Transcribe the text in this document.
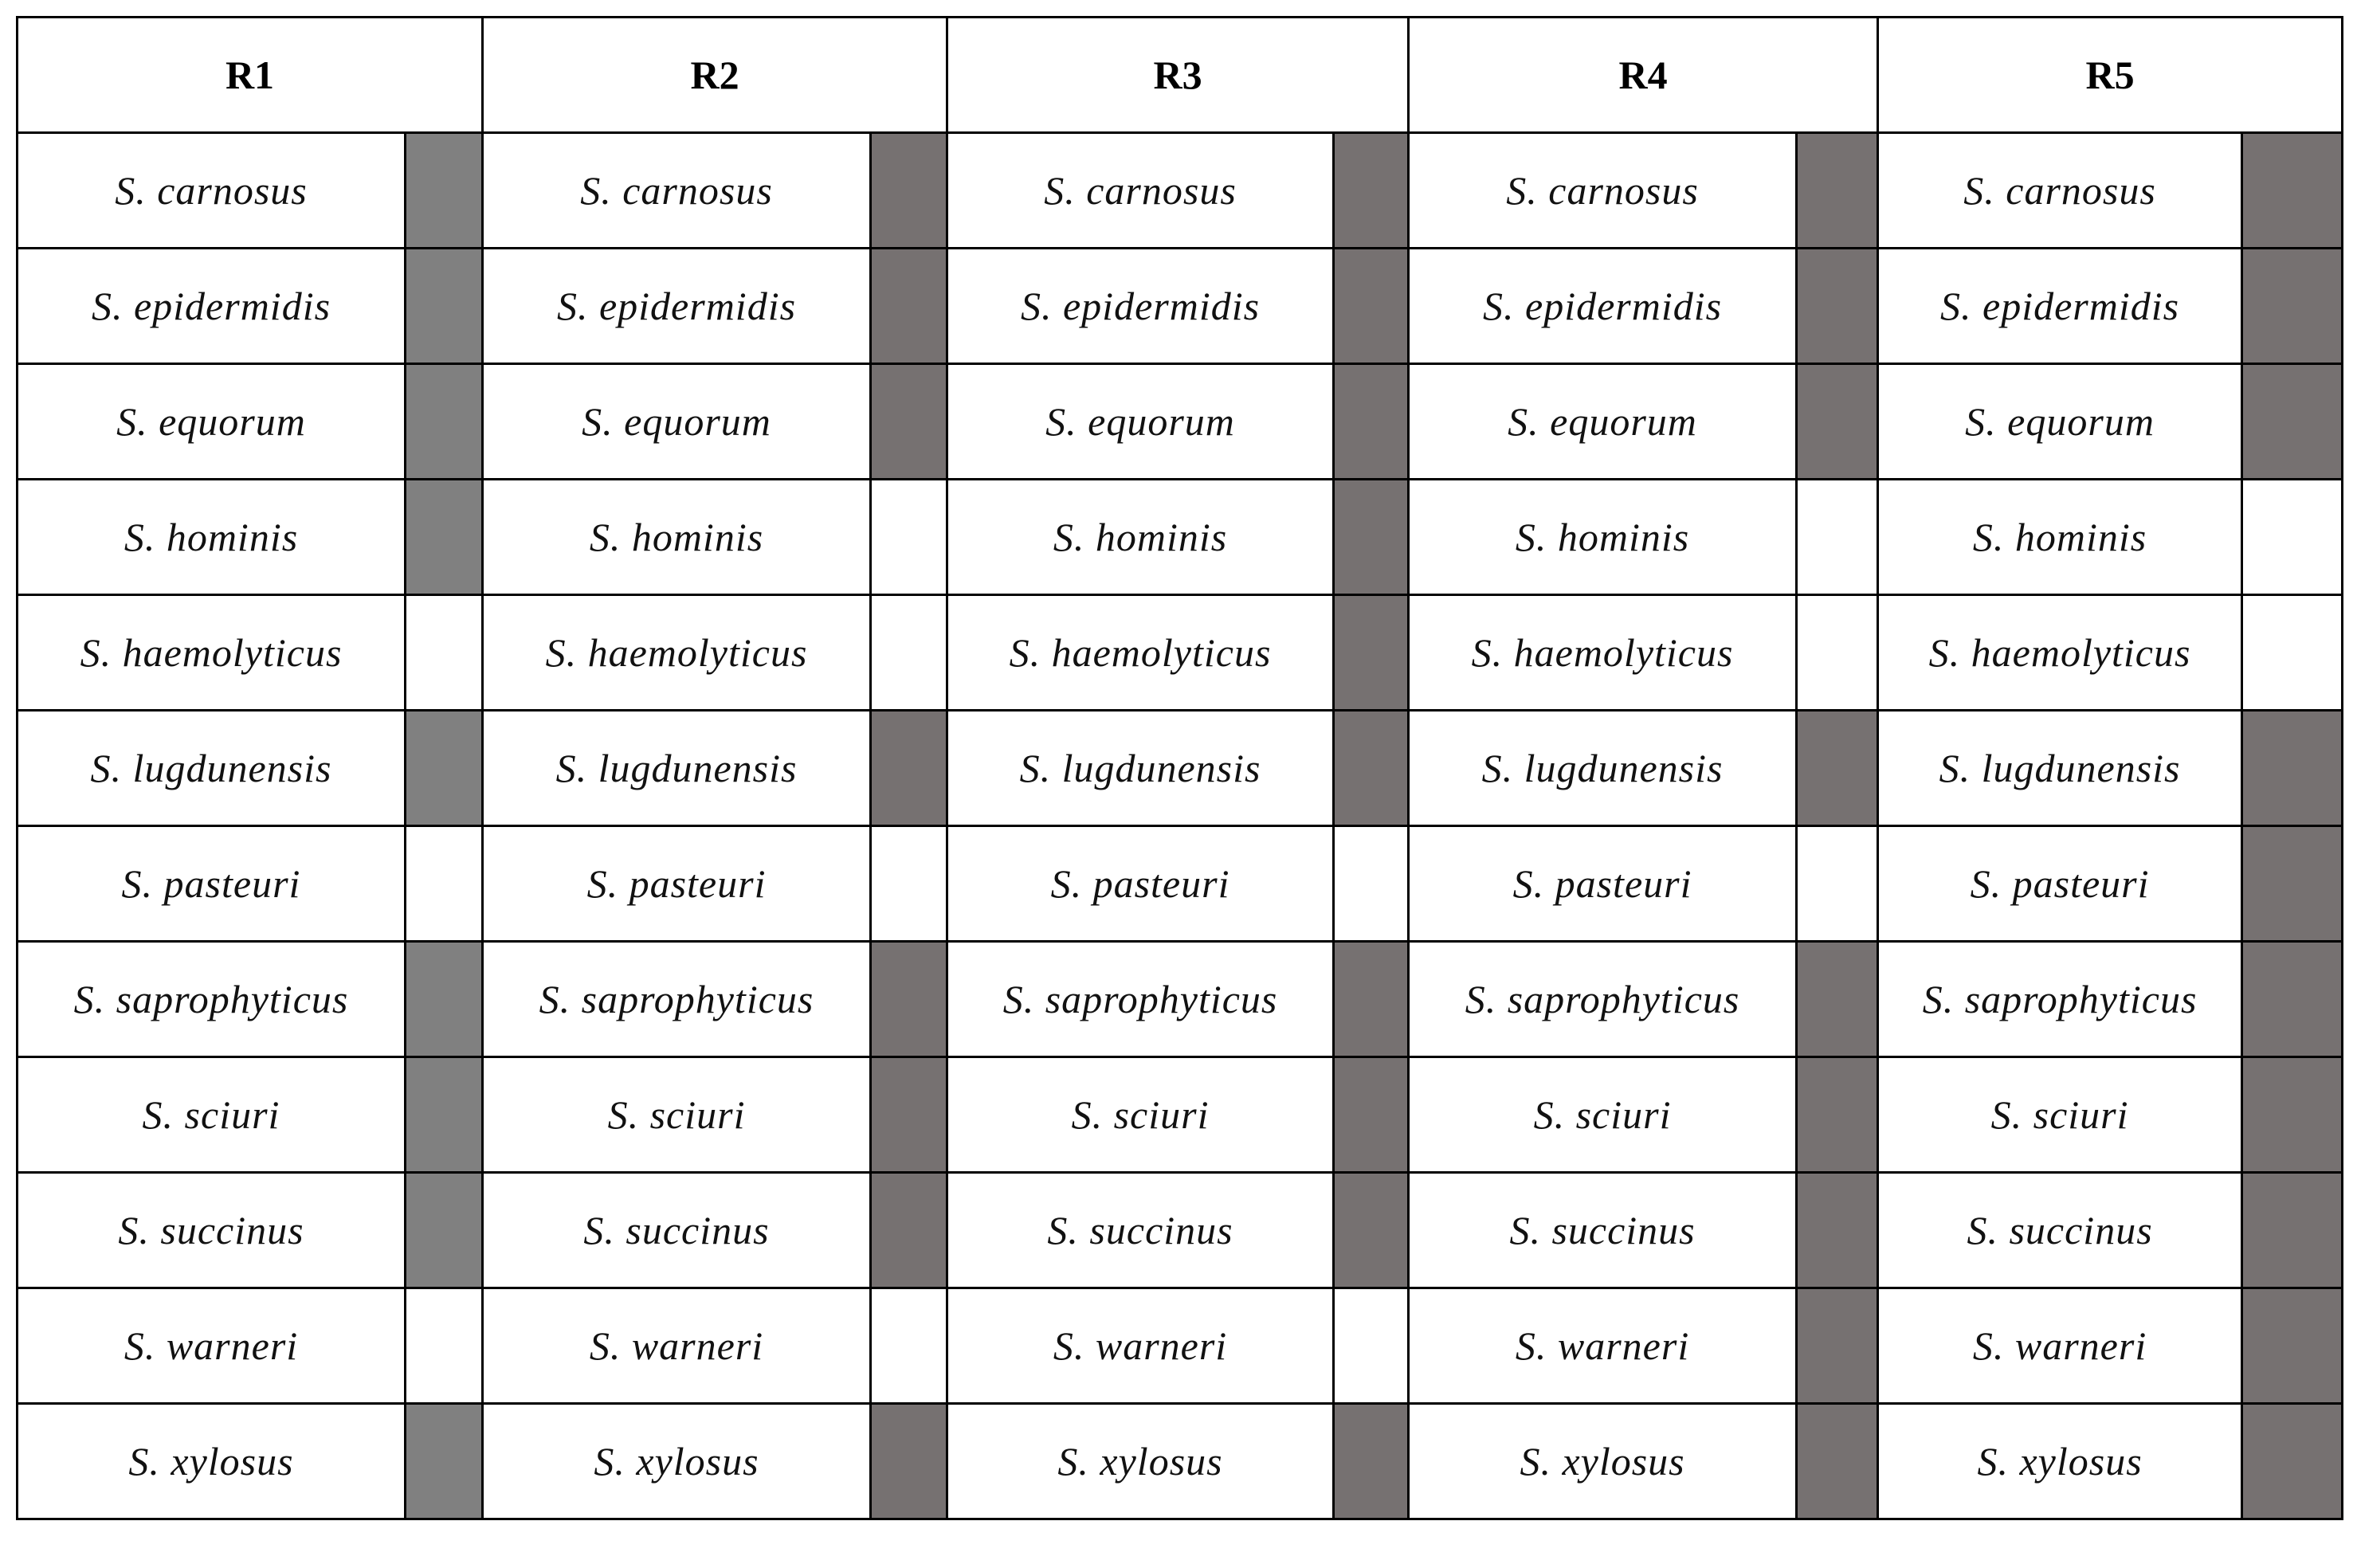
R1		R2		R3		R4		R5	
S. carnosus		S. carnosus		S. carnosus		S. carnosus		S. carnosus	
S. epidermidis		S. epidermidis		S. epidermidis		S. epidermidis		S. epidermidis	
S. equorum		S. equorum		S. equorum		S. equorum		S. equorum	
S. hominis		S. hominis		S. hominis		S. hominis		S. hominis	
S. haemolyticus		S. haemolyticus		S. haemolyticus		S. haemolyticus		S. haemolyticus	
S. lugdunensis		S. lugdunensis		S. lugdunensis		S. lugdunensis		S. lugdunensis	
S. pasteuri		S. pasteuri		S. pasteuri		S. pasteuri		S. pasteuri	
S. saprophyticus		S. saprophyticus		S. saprophyticus		S. saprophyticus		S. saprophyticus	
S. sciuri		S. sciuri		S. sciuri		S. sciuri		S. sciuri	
S. succinus		S. succinus		S. succinus		S. succinus		S. succinus	
S. warneri		S. warneri		S. warneri		S. warneri		S. warneri	
S. xylosus		S. xylosus		S. xylosus		S. xylosus		S. xylosus	
